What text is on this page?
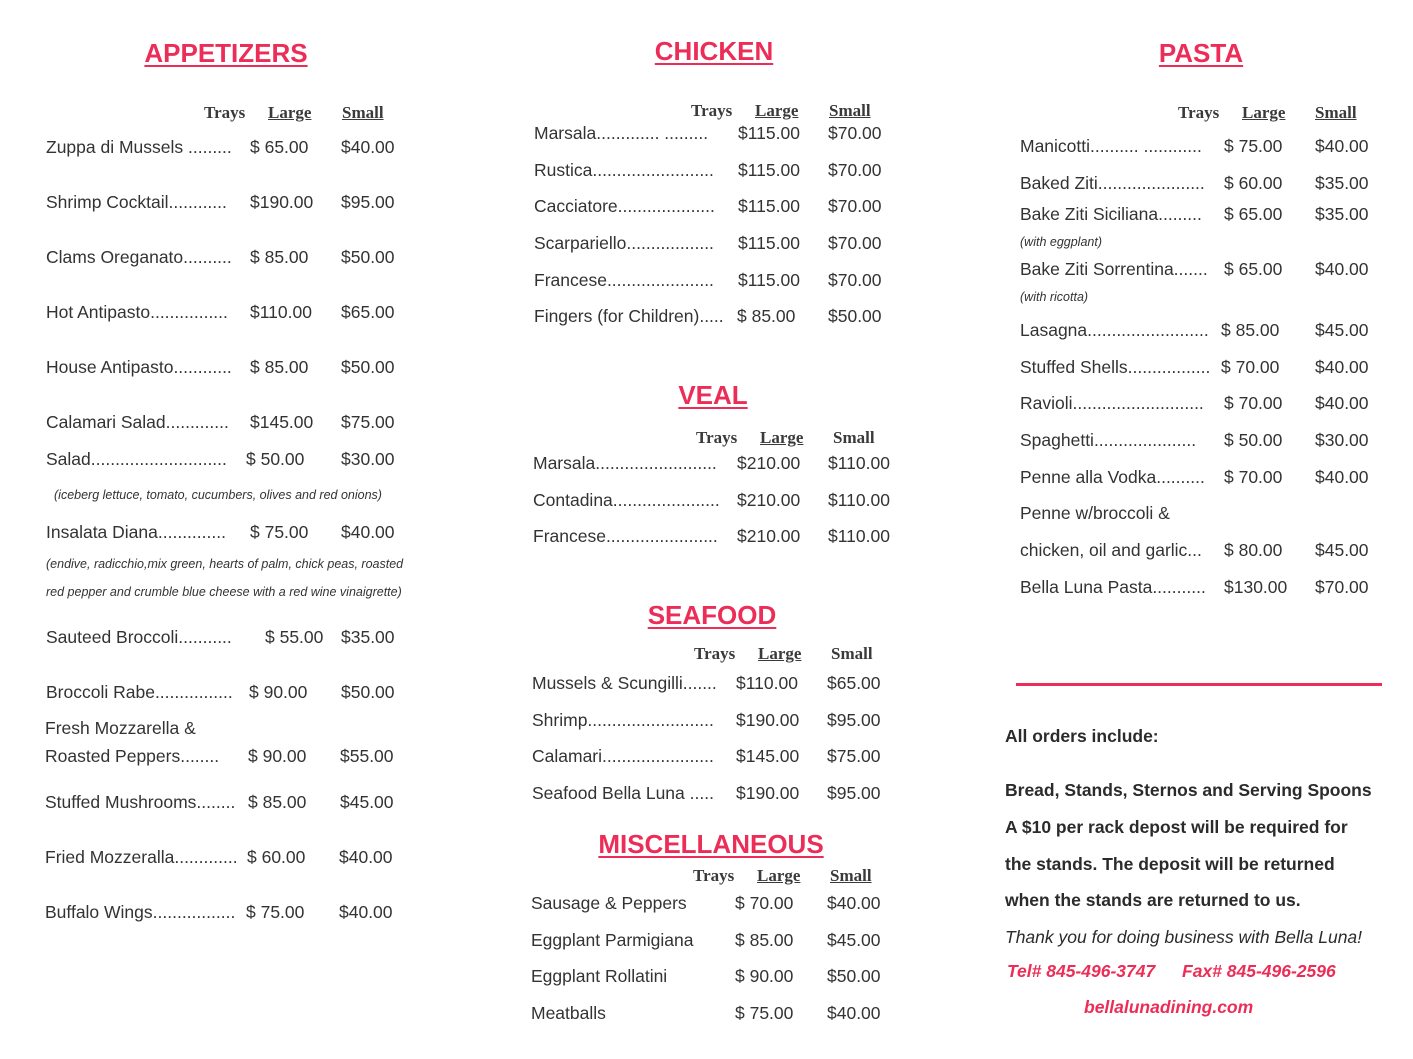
APPETIZERS
Trays Large Small
Zuppa di Mussels ......... $ 65.00 $40.00
Shrimp Cocktail............ $190.00 $95.00
Clams Oreganato.......... $ 85.00 $50.00
Hot Antipasto................ $110.00 $65.00
House Antipasto............ $ 85.00 $50.00
Calamari Salad............. $145.00 $75.00
Salad............................ $ 50.00 $30.00
(iceberg lettuce, tomato, cucumbers, olives and red onions)
Insalata Diana.............. $ 75.00 $40.00
(endive, radicchio,mix green, hearts of palm, chick peas, roasted
red pepper and crumble blue cheese with a red wine vinaigrette)
Sauteed Broccoli........... $ 55.00 $35.00
Broccoli Rabe................ $ 90.00 $50.00
Fresh Mozzarella &
Roasted Peppers........ $ 90.00 $55.00
Stuffed Mushrooms........ $ 85.00 $45.00
Fried Mozzeralla............. $ 60.00 $40.00
Buffalo Wings................. $ 75.00 $40.00
CHICKEN
Trays Large Small
Marsala............. ......... $115.00 $70.00
Rustica......................... $115.00 $70.00
Cacciatore.................... $115.00 $70.00
Scarpariello.................. $115.00 $70.00
Francese...................... $115.00 $70.00
Fingers (for Children)..... $ 85.00 $50.00
VEAL
Trays Large Small
Marsala......................... $210.00 $110.00
Contadina...................... $210.00 $110.00
Francese....................... $210.00 $110.00
SEAFOOD
Trays Large Small
Mussels & Scungilli....... $110.00 $65.00
Shrimp.......................... $190.00 $95.00
Calamari....................... $145.00 $75.00
Seafood Bella Luna ..... $190.00 $95.00
MISCELLANEOUS
Trays Large Small
Sausage & Peppers	$ 70.00 $40.00
Eggplant Parmigiana $ 85.00 $45.00
Eggplant Rollatini	$ 90.00 $50.00
Meatballs	$ 75.00 $40.00
PASTA
Trays Large Small
Manicotti.......... ............ $ 75.00 $40.00
Baked Ziti...................... $ 60.00 $35.00
Bake Ziti Siciliana......... $ 65.00 $35.00
(with eggplant)
Bake Ziti Sorrentina....... $ 65.00 $40.00
(with ricotta)
Lasagna......................... $ 85.00 $45.00
Stuffed Shells................. $ 70.00 $40.00
Ravioli........................... $ 70.00 $40.00
Spaghetti..................... $ 50.00 $30.00
Penne alla Vodka.......... $ 70.00 $40.00
Penne w/broccoli &
chicken, oil and garlic... $ 80.00 $45.00
Bella Luna Pasta........... $130.00 $70.00
All orders include:
Bread, Stands, Sternos and Serving Spoons
A $10 per rack depost will be required for
the stands. The deposit will be returned
when the stands are returned to us.
Thank you for doing business with Bella Luna!
Tel# 845-496-3747 Fax# 845-496-2596
bellalunadining.com
